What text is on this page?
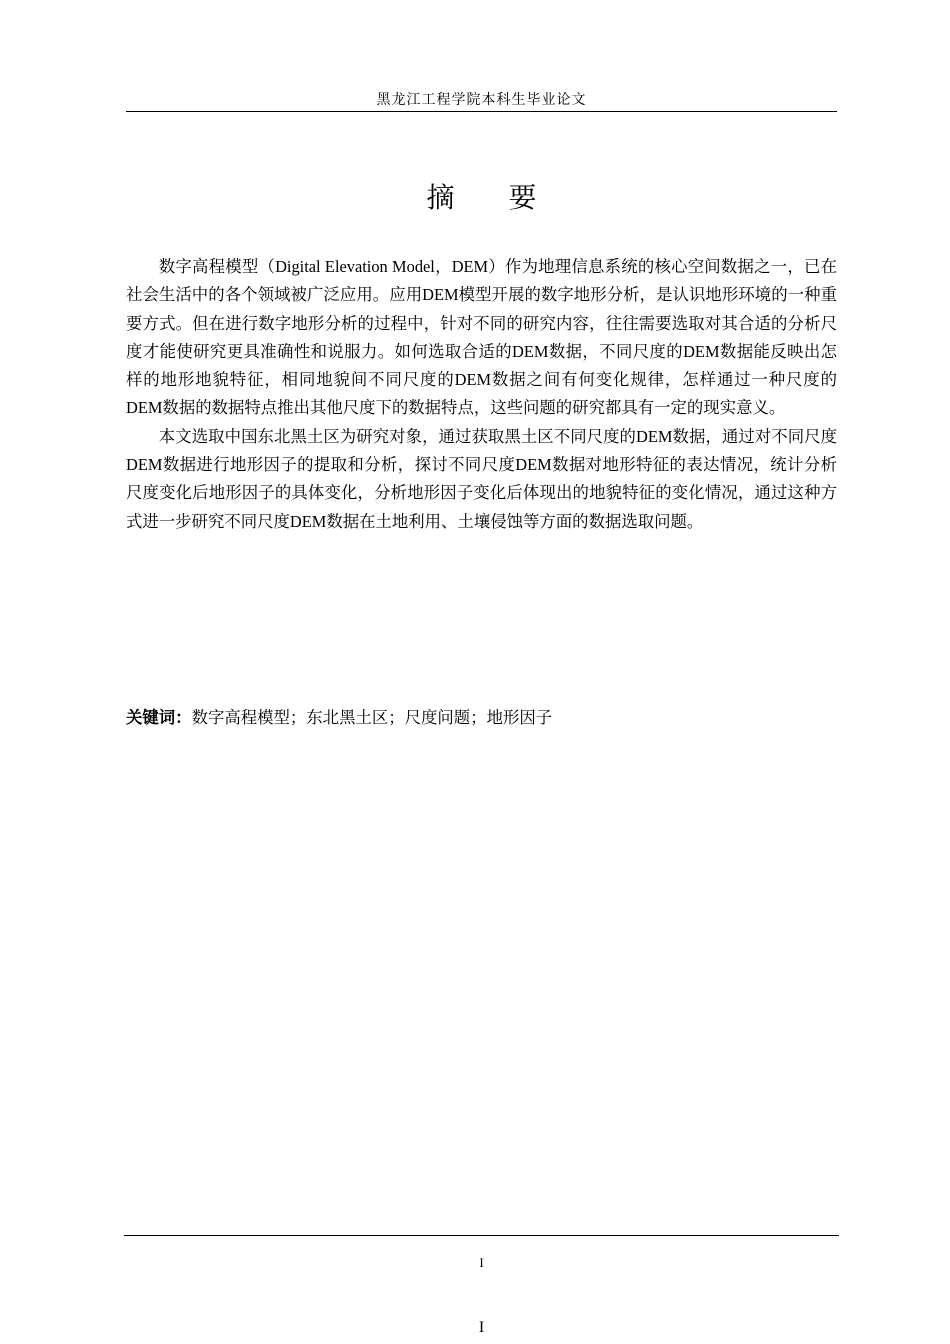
黑龙江工程学院本科生毕业论文
摘 要

数字高程模型（Digital Elevation Model，DEM）作为地理信息系统的核心空间数据之一，已在社会生活中的各个领域被广泛应用。应用DEM模型开展的数字地形分析，是认识地形环境的一种重要方式。但在进行数字地形分析的过程中，针对不同的研究内容，往往需要选取对其合适的分析尺度才能使研究更具准确性和说服力。如何选取合适的DEM数据，不同尺度的DEM数据能反映出怎样的地形地貌特征，相同地貌间不同尺度的DEM数据之间有何变化规律，怎样通过一种尺度的DEM数据的数据特点推出其他尺度下的数据特点，这些问题的研究都具有一定的现实意义。

本文选取中国东北黑土区为研究对象，通过获取黑土区不同尺度的DEM数据，通过对不同尺度DEM数据进行地形因子的提取和分析，探讨不同尺度DEM数据对地形特征的表达情况，统计分析尺度变化后地形因子的具体变化，分析地形因子变化后体现出的地貌特征的变化情况，通过这种方式进一步研究不同尺度DEM数据在土地利用、土壤侵蚀等方面的数据选取问题。

关键词：数字高程模型；东北黑土区；尺度问题；地形因子
I
I
